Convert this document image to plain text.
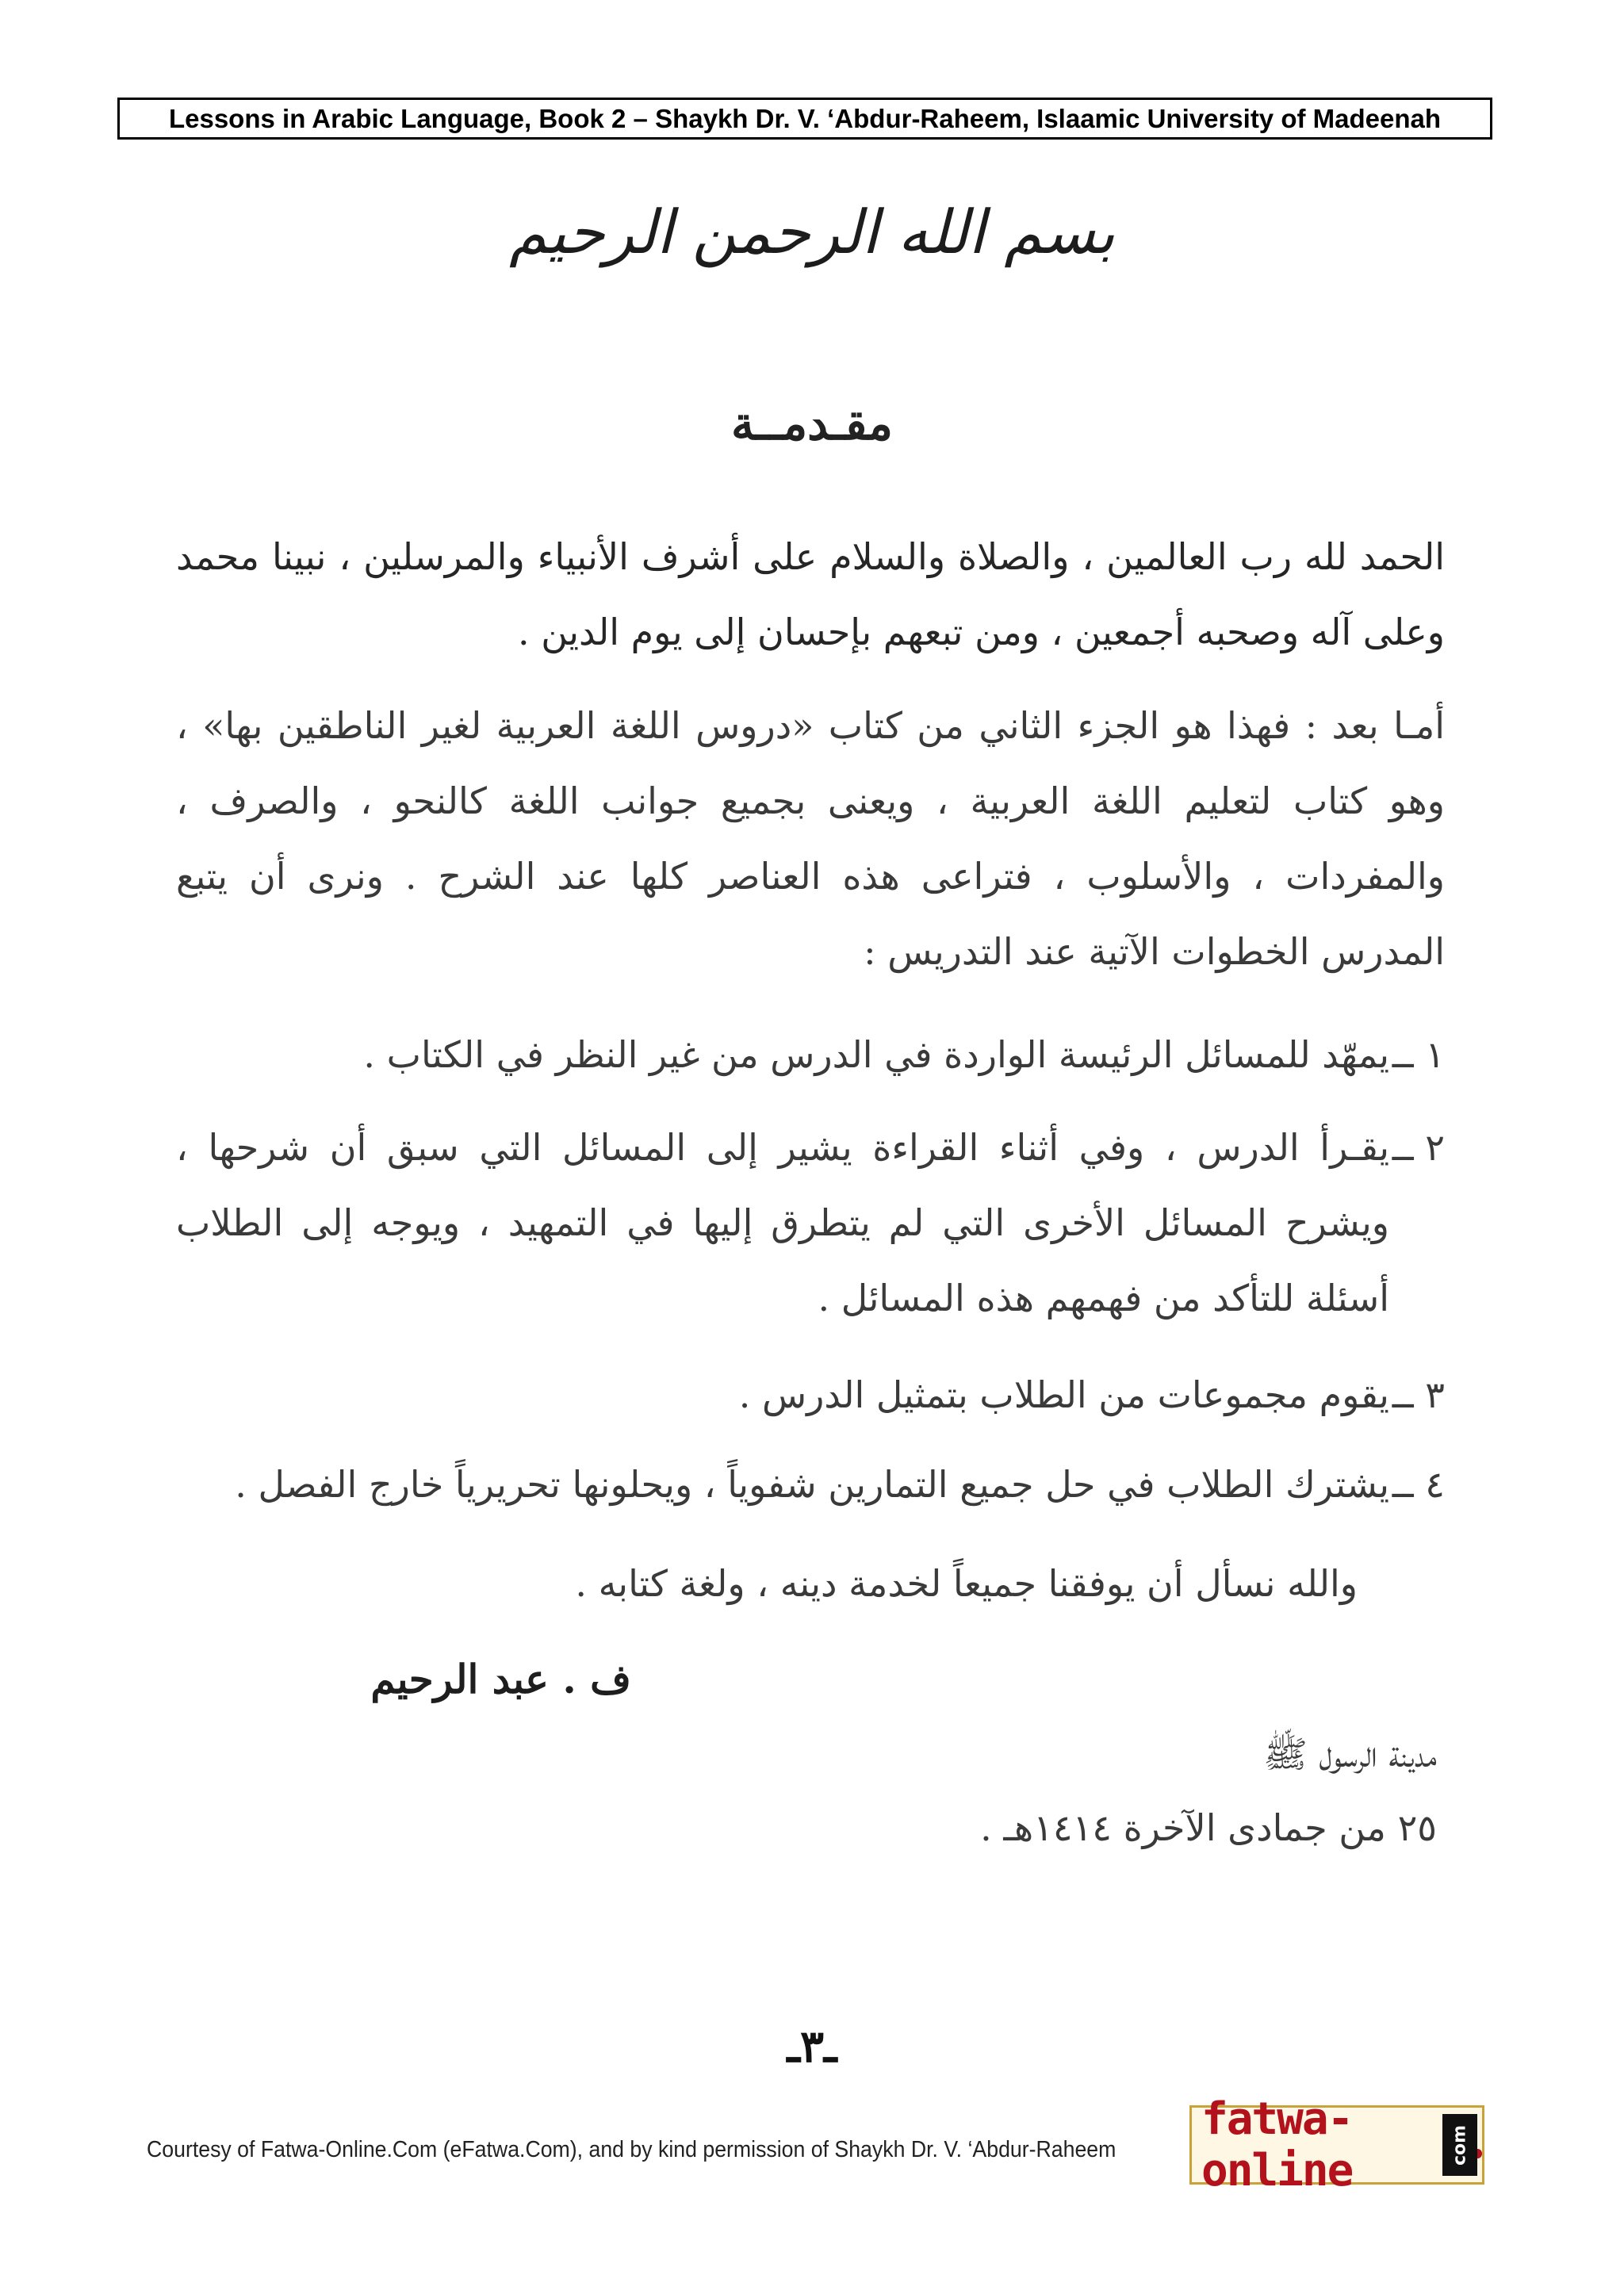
Lessons in Arabic Language, Book 2 – Shaykh Dr. V. ‘Abdur-Raheem, Islaamic University of Madeenah
بسم الله الرحمن الرحيم
مقـدمــة
الحمد لله رب العالمين ، والصلاة والسلام على أشرف الأنبياء والمرسلين ، نبينا محمد وعلى آله وصحبه أجمعين ، ومن تبعهم بإحسان إلى يوم الدين .
أمـا بعد : فهذا هو الجزء الثاني من كتاب «دروس اللغة العربية لغير الناطقين بها» ، وهو كتاب لتعليم اللغة العربية ، ويعنى بجميع جوانب اللغة كالنحو ، والصرف ، والمفردات ، والأسلوب ، فتراعى هذه العناصر كلها عند الشرح . ونرى أن يتبع المدرس الخطوات الآتية عند التدريس :
١ ــ
يمهّد للمسائل الرئيسة الواردة في الدرس من غير النظر في الكتاب .
٢ ــ
يقـرأ الدرس ، وفي أثناء القراءة يشير إلى المسائل التي سبق أن شرحها ، ويشرح المسائل الأخرى التي لم يتطرق إليها في التمهيد ، ويوجه إلى الطلاب أسئلة للتأكد من فهمهم هذه المسائل .
٣ ــ
يقوم مجموعات من الطلاب بتمثيل الدرس .
٤ ــ
يشترك الطلاب في حل جميع التمارين شفوياً ، ويحلونها تحريرياً خارج الفصل .
والله نسأل أن يوفقنا جميعاً لخدمة دينه ، ولغة كتابه .
ف . عبد الرحيم
مدينة الرسول ﷺ
٢٥ من جمادى الآخرة ١٤١٤هـ .
ـ٣ـ
Courtesy of Fatwa-Online.Com (eFatwa.Com), and by kind permission of Shaykh Dr. V. ‘Abdur-Raheem
fatwa-online	com
